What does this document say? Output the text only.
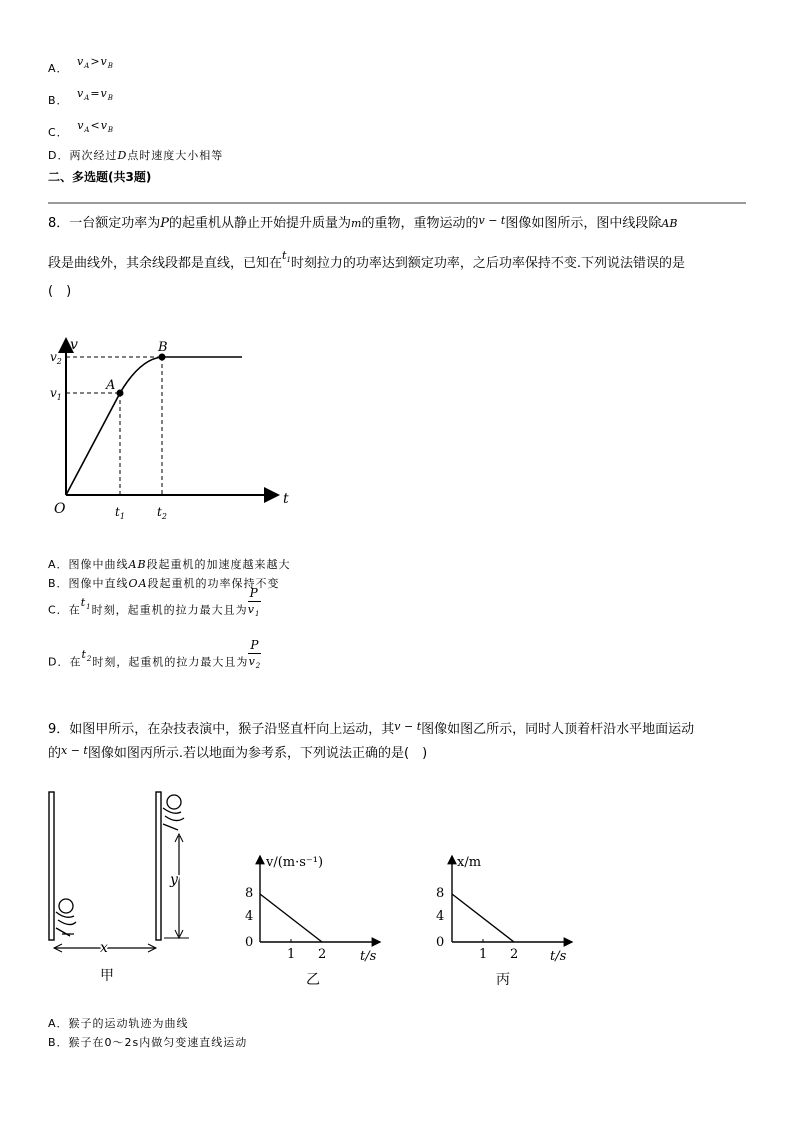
A． $v_A>v_B$
B． $v_A=v_B$
C． $v_A<v_B$
D．两次经过D点时速度大小相等
二、多选题(共3题)
8．一台额定功率为P的起重机从静止开始提升质量为m的重物，重物运动的$^{v - t}$图像如图所示，图中线段除AB
段是曲线外，其余线段都是直线，已知在$^{t_1}$时刻拉力的功率达到额定功率，之后功率保持不变.下列说法错误的是
(　)
v
t
O
$v_1$
$v_2$
$t_1$	$t_2$
A
B
A．图像中曲线AB段起重机的加速度越来越大
B．图像中直线OA段起重机的功率保持不变
C．在$t_1$时刻，起重机的拉力最大且为 $\frac{P}{v_1}$
D．在$t_2$时刻，起重机的拉力最大且为 $\frac{P}{v_2}$
9．如图甲所示，在杂技表演中，猴子沿竖直杆向上运动，其$^{v - t}$图像如图乙所示，同时人顶着杆沿水平地面运动
的$^{x - t}$图像如图丙所示.若以地面为参考系，下列说法正确的是(　)
x
y
甲
v/(m·s⁻¹)
t/s
8
4
0
1 2
乙
x/m
t/s
8
4
0
1 2
丙
A．猴子的运动轨迹为曲线
B．猴子在0～2s内做匀变速直线运动
